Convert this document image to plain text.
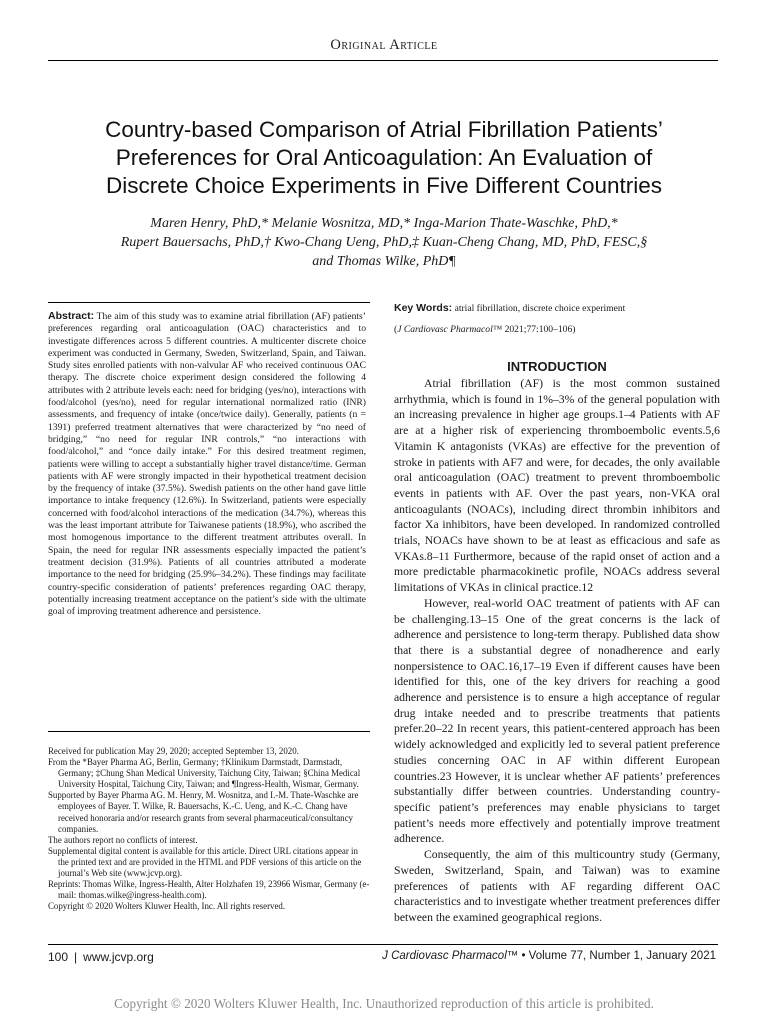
Original Article
Country-based Comparison of Atrial Fibrillation Patients’
Preferences for Oral Anticoagulation: An Evaluation of
Discrete Choice Experiments in Five Different Countries
Maren Henry, PhD,* Melanie Wosnitza, MD,* Inga-Marion Thate-Waschke, PhD,*
Rupert Bauersachs, PhD,† Kwo-Chang Ueng, PhD,‡ Kuan-Cheng Chang, MD, PhD, FESC,§
and Thomas Wilke, PhD¶
Abstract: The aim of this study was to examine atrial fibrillation (AF) patients’ preferences regarding oral anticoagulation (OAC) characteristics and to investigate differences across 5 different countries. A multicenter discrete choice experiment was conducted in Germany, Sweden, Switzerland, Spain, and Taiwan. Study sites enrolled patients with non-valvular AF who received continuous OAC therapy. The discrete choice experiment design considered the following 4 attributes with 2 attribute levels each: need for bridging (yes/no), interactions with food/alcohol (yes/no), need for regular international normalized ratio (INR) assessments, and frequency of intake (once/twice daily). Generally, patients (n = 1391) preferred treatment alternatives that were characterized by “no need of bridging,” “no need for regular INR controls,” “no interactions with food/alcohol,” and “once daily intake.” For this desired treatment regimen, patients were willing to accept a substantially higher travel distance/time. German patients with AF were strongly impacted in their hypothetical treatment decision by the frequency of intake (37.5%). Swedish patients on the other hand gave little importance to intake frequency (12.6%). In Switzerland, patients were especially concerned with food/alcohol interactions of the medication (34.7%), whereas this was the least important attribute for Taiwanese patients (18.9%), who ascribed the most homogenous importance to the different treatment attributes overall. In Spain, the need for regular INR assessments especially impacted the patient’s treatment decision (31.9%). Patients of all countries attributed a moderate importance to the need for bridging (25.9%–34.2%). These findings may facilitate country-specific consideration of patients’ preferences regarding OAC therapy, potentially increasing treatment acceptance on the patient’s side with the ultimate goal of improving treatment adherence and persistence.
Received for publication May 29, 2020; accepted September 13, 2020.
From the *Bayer Pharma AG, Berlin, Germany; †Klinikum Darmstadt, Darmstadt, Germany; ‡Chung Shan Medical University, Taichung City, Taiwan; §China Medical University Hospital, Taichung City, Taiwan; and ¶Ingress-Health, Wismar, Germany.
Supported by Bayer Pharma AG. M. Henry, M. Wosnitza, and I.-M. Thate-Waschke are employees of Bayer. T. Wilke, R. Bauersachs, K.-C. Ueng, and K.-C. Chang have received honoraria and/or research grants from several pharmaceutical/consultancy companies.
The authors report no conflicts of interest.
Supplemental digital content is available for this article. Direct URL citations appear in the printed text and are provided in the HTML and PDF versions of this article on the journal’s Web site (www.jcvp.org).
Reprints: Thomas Wilke, Ingress-Health, Alter Holzhafen 19, 23966 Wismar, Germany (e-mail: thomas.wilke@ingress-health.com).
Copyright © 2020 Wolters Kluwer Health, Inc. All rights reserved.
Key Words: atrial fibrillation, discrete choice experiment
(J Cardiovasc Pharmacol™ 2021;77:100–106)
INTRODUCTION

Atrial fibrillation (AF) is the most common sustained arrhythmia, which is found in 1%–3% of the general population with an increasing prevalence in higher age groups.1–4 Patients with AF are at a higher risk of experiencing thromboembolic events.5,6 Vitamin K antagonists (VKAs) are effective for the prevention of stroke in patients with AF7 and were, for decades, the only available oral anticoagulation (OAC) treatment to prevent thromboembolic events in patients with AF. Over the past years, non-VKA oral anticoagulants (NOACs), including direct thrombin inhibitors and factor Xa inhibitors, have been developed. In randomized controlled trials, NOACs have shown to be at least as efficacious and safe as VKAs.8–11 Furthermore, because of the rapid onset of action and a more predictable pharmacokinetic profile, NOACs address several limitations of VKAs in clinical practice.12

However, real-world OAC treatment of patients with AF can be challenging.13–15 One of the great concerns is the lack of adherence and persistence to long-term therapy. Published data show that there is a substantial degree of nonadherence and early nonpersistence to OAC.16,17–19 Even if different causes have been identified for this, one of the key drivers for reaching a good adherence and persistence is to ensure a high acceptance of regular drug intake needed and to prescribe treatments that patients prefer.20–22 In recent years, this patient-centered approach has been widely acknowledged and explicitly led to several patient preference studies concerning OAC in AF within different European countries.23 However, it is unclear whether AF patients’ preferences substantially differ between countries. Understanding country-specific patient’s preferences may enable physicians to target patient’s needs more effectively and potentially improve treatment adherence.

Consequently, the aim of this multicountry study (Germany, Sweden, Switzerland, Spain, and Taiwan) was to examine preferences of patients with AF regarding different OAC characteristics and to investigate whether treatment preferences differ between the examined geographical regions.

100 | www.jcvp.org	J Cardiovasc Pharmacol™ • Volume 77, Number 1, January 2021
Copyright © 2020 Wolters Kluwer Health, Inc. Unauthorized reproduction of this article is prohibited.
